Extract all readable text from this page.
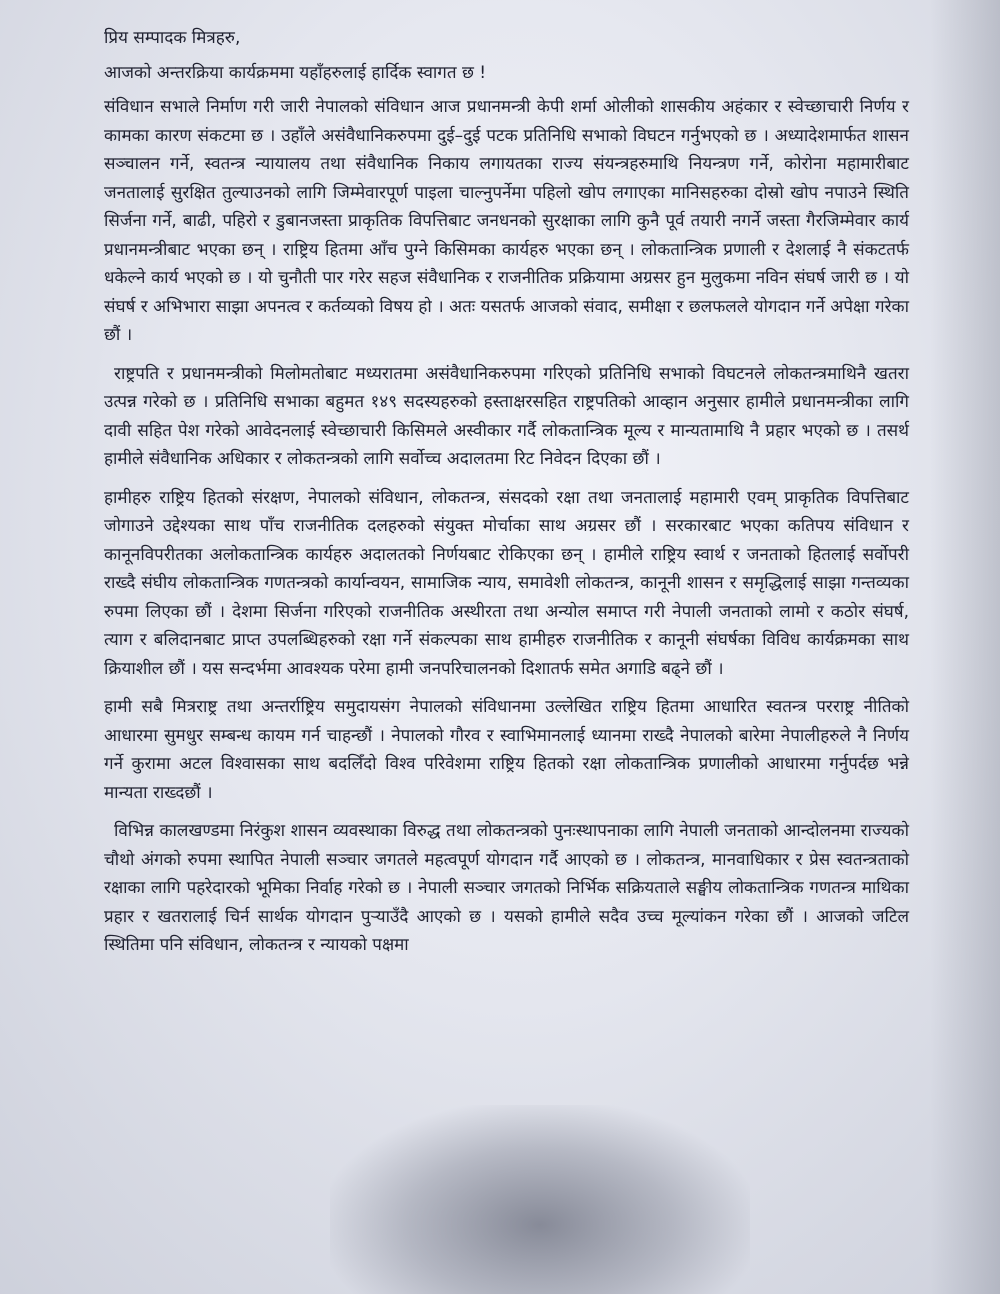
प्रिय सम्पादक मित्रहरु,

आजको अन्तरक्रिया कार्यक्रममा यहाँहरुलाई हार्दिक स्वागत छ !

संविधान सभाले निर्माण गरी जारी नेपालको संविधान आज प्रधानमन्त्री केपी शर्मा ओलीको शासकीय अहंकार र स्वेच्छाचारी निर्णय र कामका कारण संकटमा छ । उहाँले असंवैधानिकरुपमा दुई–दुई पटक प्रतिनिधि सभाको विघटन गर्नुभएको छ । अध्यादेशमार्फत शासन सञ्चालन गर्ने, स्वतन्त्र न्यायालय तथा संवैधानिक निकाय लगायतका राज्य संयन्त्रहरुमाथि नियन्त्रण गर्ने, कोरोना महामारीबाट जनतालाई सुरक्षित तुल्याउनको लागि जिम्मेवारपूर्ण पाइला चाल्नुपर्नेमा पहिलो खोप लगाएका मानिसहरुका दोस्रो खोप नपाउने स्थिति सिर्जना गर्ने, बाढी, पहिरो र डुबानजस्ता प्राकृतिक विपत्तिबाट जनधनको सुरक्षाका लागि कुनै पूर्व तयारी नगर्ने जस्ता गैरजिम्मेवार कार्य प्रधानमन्त्रीबाट भएका छन् । राष्ट्रिय हितमा आँच पुग्ने किसिमका कार्यहरु भएका छन् । लोकतान्त्रिक प्रणाली र देशलाई नै संकटतर्फ धकेल्ने कार्य भएको छ । यो चुनौती पार गरेर सहज संवैधानिक र राजनीतिक प्रक्रियामा अग्रसर हुन मुलुकमा नविन संघर्ष जारी छ । यो संघर्ष र अभिभारा साझा अपनत्व र कर्तव्यको विषय हो । अतः यसतर्फ आजको संवाद, समीक्षा र छलफलले योगदान गर्ने अपेक्षा गरेका छौं ।

राष्ट्रपति र प्रधानमन्त्रीको मिलोमतोबाट मध्यरातमा असंवैधानिकरुपमा गरिएको प्रतिनिधि सभाको विघटनले लोकतन्त्रमाथिनै खतरा उत्पन्न गरेको छ । प्रतिनिधि सभाका बहुमत १४९ सदस्यहरुको हस्ताक्षरसहित राष्ट्रपतिको आव्हान अनुसार हामीले प्रधानमन्त्रीका लागि दावी सहित पेश गरेको आवेदनलाई स्वेच्छाचारी किसिमले अस्वीकार गर्दै लोकतान्त्रिक मूल्य र मान्यतामाथि नै प्रहार भएको छ । तसर्थ हामीले संवैधानिक अधिकार र लोकतन्त्रको लागि सर्वोच्च अदालतमा रिट निवेदन दिएका छौं ।

हामीहरु राष्ट्रिय हितको संरक्षण, नेपालको संविधान, लोकतन्त्र, संसदको रक्षा तथा जनतालाई महामारी एवम् प्राकृतिक विपत्तिबाट जोगाउने उद्देश्यका साथ पाँच राजनीतिक दलहरुको संयुक्त मोर्चाका साथ अग्रसर छौं । सरकारबाट भएका कतिपय संविधान र कानूनविपरीतका अलोकतान्त्रिक कार्यहरु अदालतको निर्णयबाट रोकिएका छन् । हामीले राष्ट्रिय स्वार्थ र जनताको हितलाई सर्वोपरी राख्दै संघीय लोकतान्त्रिक गणतन्त्रको कार्यान्वयन, सामाजिक न्याय, समावेशी लोकतन्त्र, कानूनी शासन र समृद्धिलाई साझा गन्तव्यका रुपमा लिएका छौं । देशमा सिर्जना गरिएको राजनीतिक अस्थीरता तथा अन्योल समाप्त गरी नेपाली जनताको लामो र कठोर संघर्ष, त्याग र बलिदानबाट प्राप्त उपलब्धिहरुको रक्षा गर्ने संकल्पका साथ हामीहरु राजनीतिक र कानूनी संघर्षका विविध कार्यक्रमका साथ क्रियाशील छौं । यस सन्दर्भमा आवश्यक परेमा हामी जनपरिचालनको दिशातर्फ समेत अगाडि बढ्ने छौं ।

हामी सबै मित्रराष्ट्र तथा अन्तर्राष्ट्रिय समुदायसंग नेपालको संविधानमा उल्लेखित राष्ट्रिय हितमा आधारित स्वतन्त्र परराष्ट्र नीतिको आधारमा सुमधुर सम्बन्ध कायम गर्न चाहन्छौं । नेपालको गौरव र स्वाभिमानलाई ध्यानमा राख्दै नेपालको बारेमा नेपालीहरुले नै निर्णय गर्ने कुरामा अटल विश्वासका साथ बदलिँदो विश्व परिवेशमा राष्ट्रिय हितको रक्षा लोकतान्त्रिक प्रणालीको आधारमा गर्नुपर्दछ भन्ने मान्यता राख्दछौं ।

विभिन्न कालखण्डमा निरंकुश शासन व्यवस्थाका विरुद्ध तथा लोकतन्त्रको पुनःस्थापनाका लागि नेपाली जनताको आन्दोलनमा राज्यको चौथो अंगको रुपमा स्थापित नेपाली सञ्चार जगतले महत्वपूर्ण योगदान गर्दै आएको छ । लोकतन्त्र, मानवाधिकार र प्रेस स्वतन्त्रताको रक्षाका लागि पहरेदारको भूमिका निर्वाह गरेको छ । नेपाली सञ्चार जगतको निर्भिक सक्रियताले सङ्घीय लोकतान्त्रिक गणतन्त्र माथिका प्रहार र खतरालाई चिर्न सार्थक योगदान पुऱ्याउँदै आएको छ । यसको हामीले सदैव उच्च मूल्यांकन गरेका छौं । आजको जटिल स्थितिमा पनि संविधान, लोकतन्त्र र न्यायको पक्षमा
